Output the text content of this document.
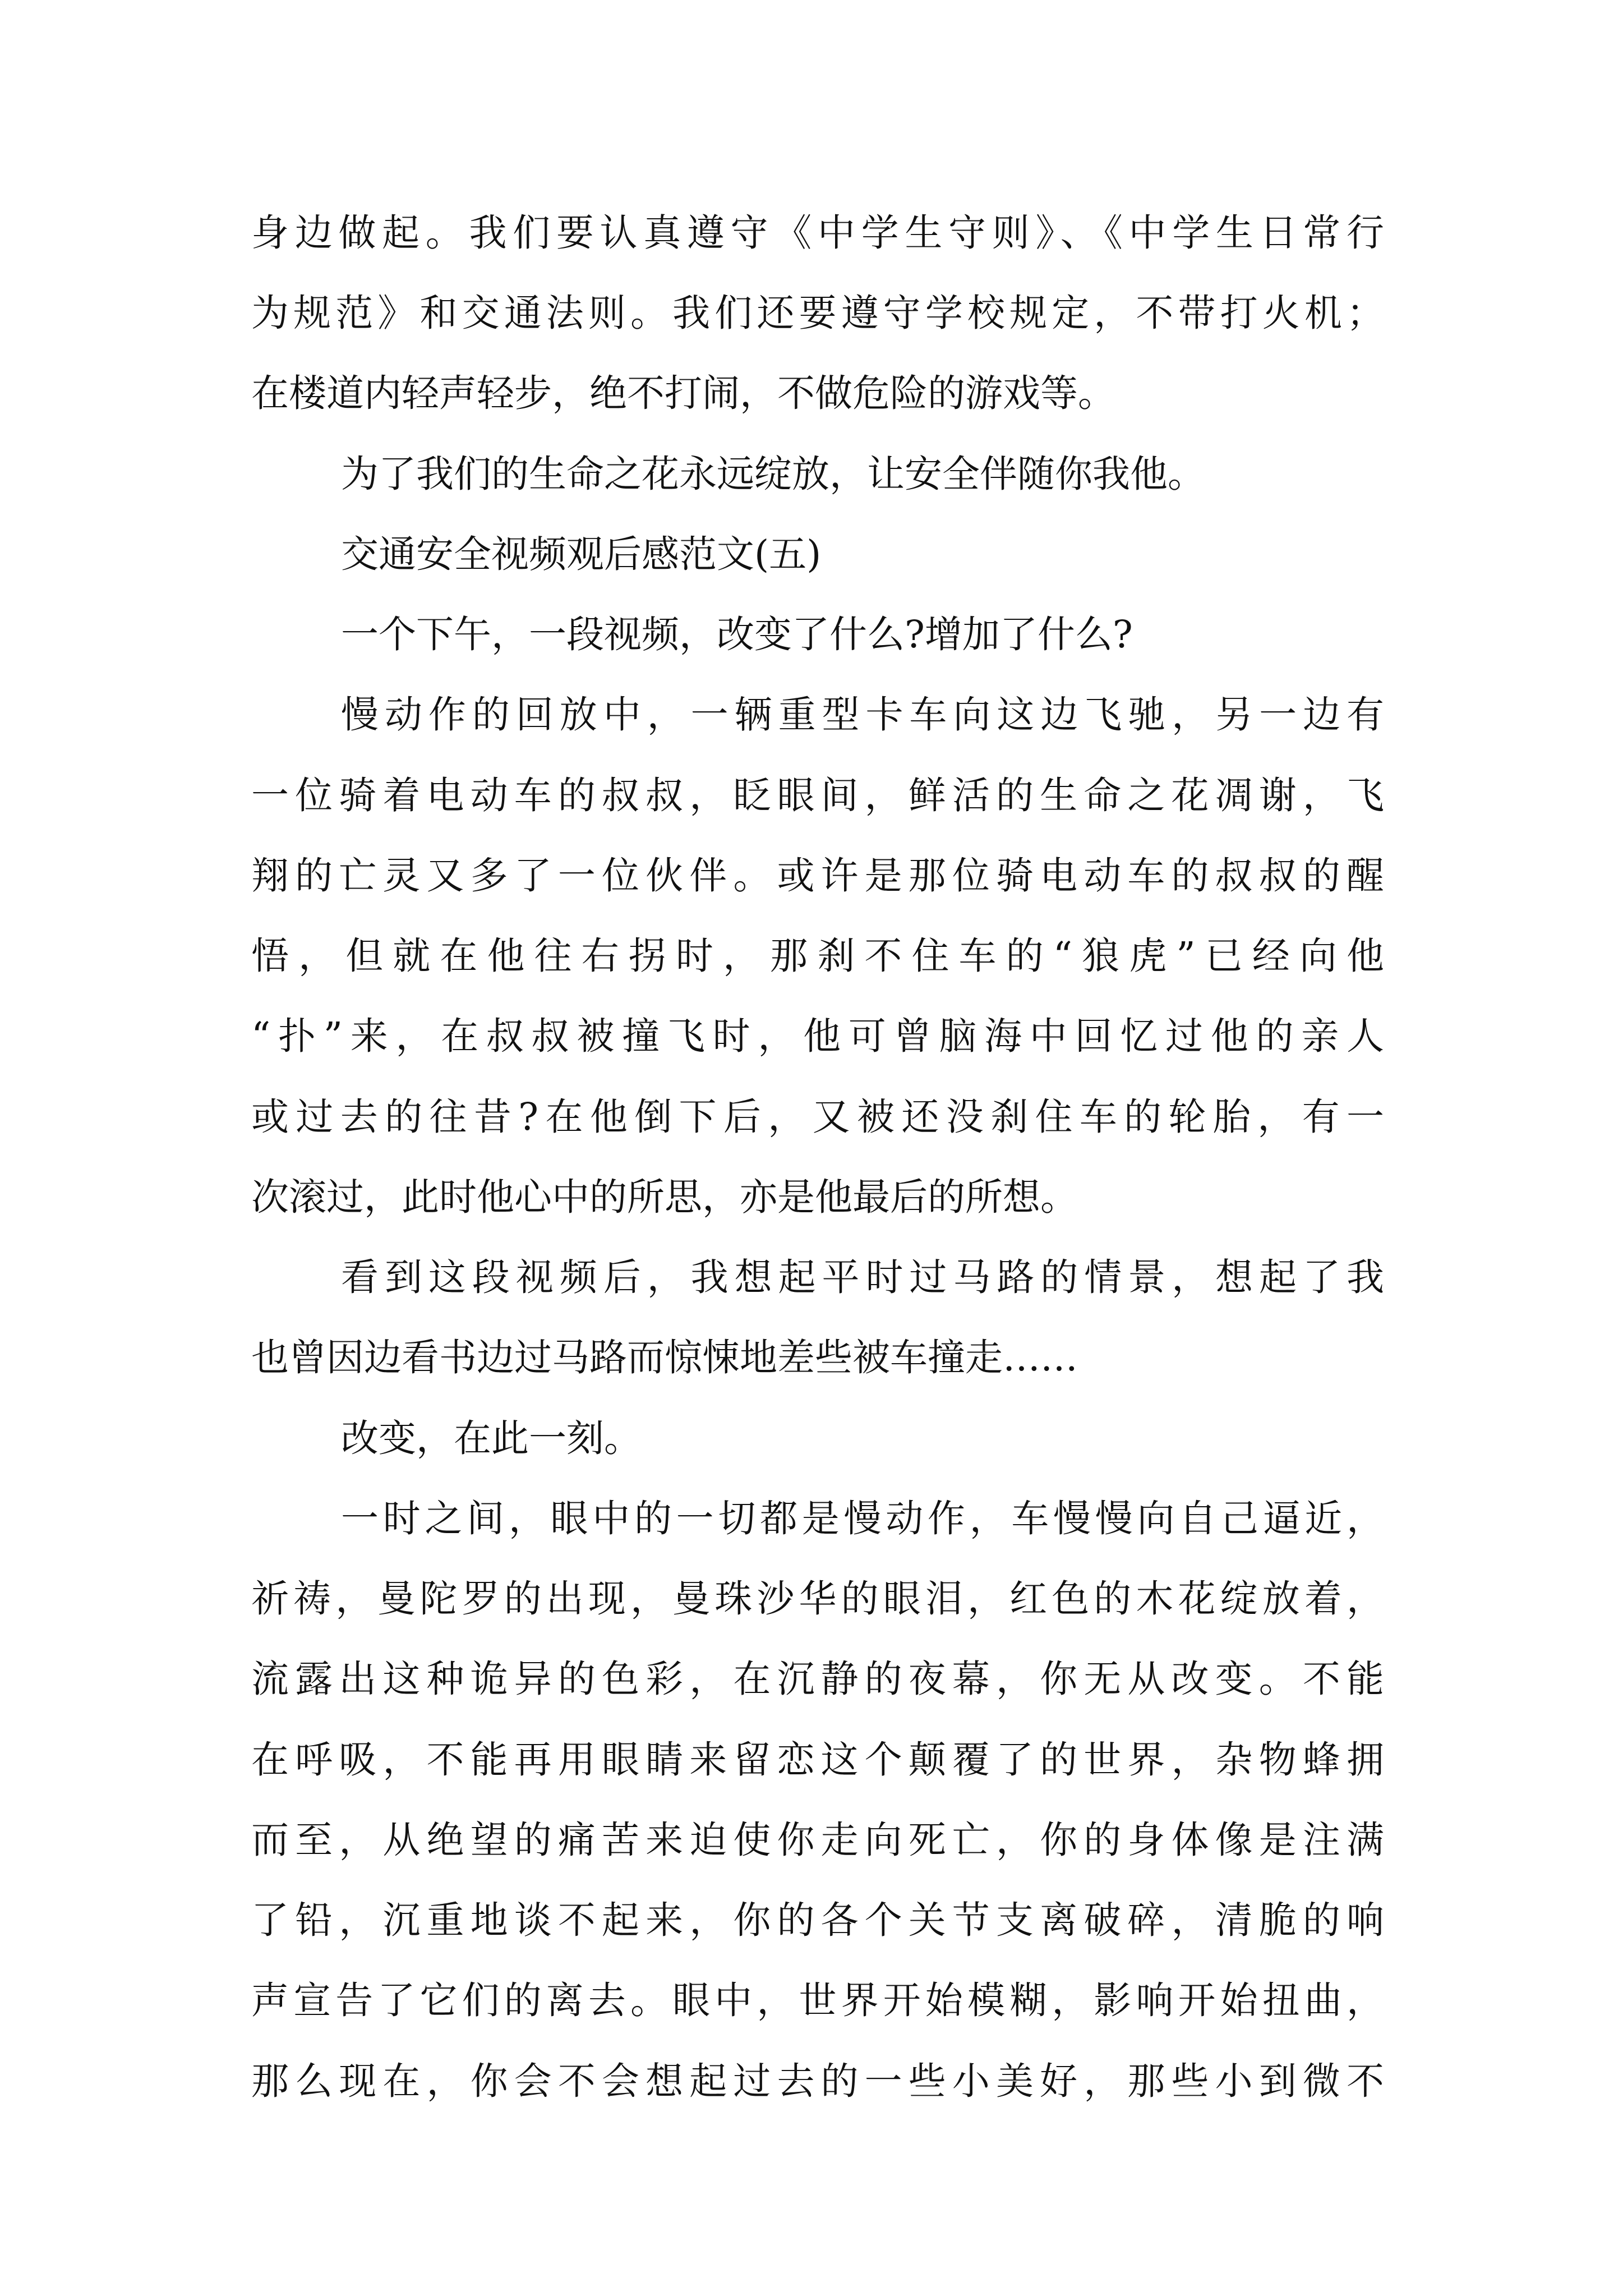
身边做起。我们要认真遵守《中学生守则》、《中学生日常行
为规范》和交通法则。我们还要遵守学校规定，不带打火机；
在楼道内轻声轻步，绝不打闹，不做危险的游戏等。
为了我们的生命之花永远绽放，让安全伴随你我他。
交通安全视频观后感范文(五)
一个下午，一段视频，改变了什么?增加了什么?
慢动作的回放中，一辆重型卡车向这边飞驰，另一边有
一位骑着电动车的叔叔，眨眼间，鲜活的生命之花凋谢，飞
翔的亡灵又多了一位伙伴。或许是那位骑电动车的叔叔的醒
悟，但就在他往右拐时，那刹不住车的“狼虎”已经向他
“扑”来，在叔叔被撞飞时，他可曾脑海中回忆过他的亲人
或过去的往昔?在他倒下后，又被还没刹住车的轮胎，有一
次滚过，此时他心中的所思，亦是他最后的所想。
看到这段视频后，我想起平时过马路的情景，想起了我
也曾因边看书边过马路而惊悚地差些被车撞走……
改变，在此一刻。
一时之间，眼中的一切都是慢动作，车慢慢向自己逼近，
祈祷，曼陀罗的出现，曼珠沙华的眼泪，红色的木花绽放着，
流露出这种诡异的色彩，在沉静的夜幕，你无从改变。不能
在呼吸，不能再用眼睛来留恋这个颠覆了的世界，杂物蜂拥
而至，从绝望的痛苦来迫使你走向死亡，你的身体像是注满
了铅，沉重地谈不起来，你的各个关节支离破碎，清脆的响
声宣告了它们的离去。眼中，世界开始模糊，影响开始扭曲，
那么现在，你会不会想起过去的一些小美好，那些小到微不
